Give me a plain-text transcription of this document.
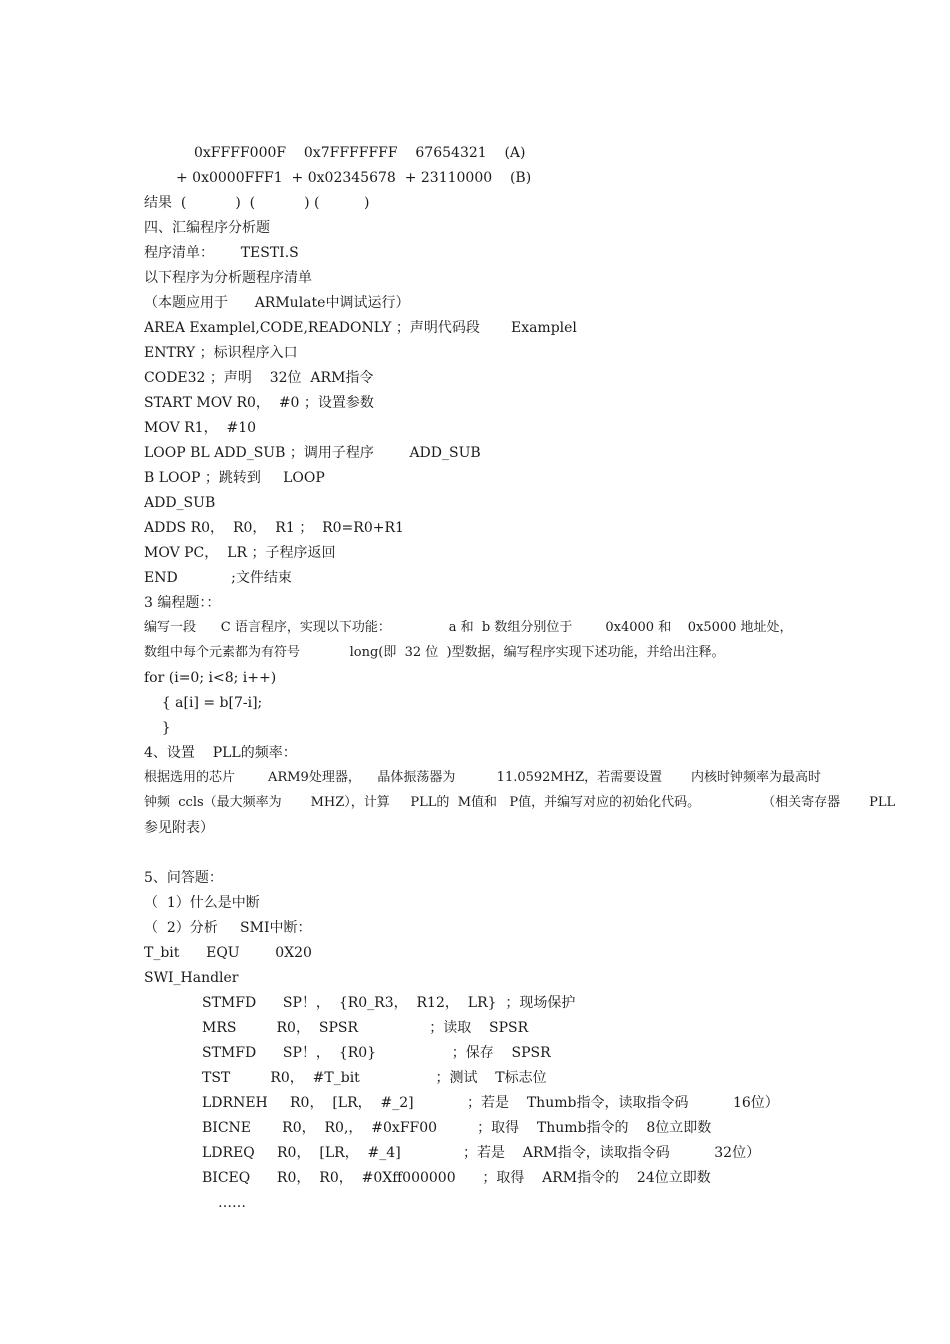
0xFFFF000F    0x7FFFFFFF    67654321    (A)
+ 0x0000FFF1  + 0x02345678  + 23110000    (B)
结果  (           )  (           ) (          )
四、汇编程序分析题
程序清单：      TESTI.S
以下程序为分析题程序清单
（本题应用于      ARMulate中调试运行）
AREA Examplel,CODE,READONLY ；声明代码段       Examplel
ENTRY ；标识程序入口
CODE32 ；声明    32位  ARM指令
START MOV R0，  #0 ；设置参数
MOV R1，  #10
LOOP BL ADD_SUB ；调用子程序        ADD_SUB
B LOOP ；跳转到     LOOP
ADD_SUB
ADDS R0，  R0，  R1 ；  R0=R0+R1
MOV PC，  LR ；子程序返回
END            ;文件结束
3 编程题：：
编写一段      C 语言程序，实现以下功能：              a 和  b 数组分别位于        0x4000 和    0x5000 地址处，
数组中每个元素都为有符号            long(即  32 位  )型数据，编写程序实现下述功能，并给出注释。
for (i=0; i<8; i++)
{ a[i] = b[7-i];
}
4、设置    PLL的频率：
根据选用的芯片        ARM9处理器，    晶体振荡器为          11.0592MHZ，若需要设置       内核时钟频率为最高时
钟频  ccls（最大频率为       MHZ），计算     PLL的  M值和   P值，并编写对应的初始化代码。               （相关寄存器       PLL
参见附表）
5、问答题：
（  1）什么是中断
（  2）分析     SMI中断：
T_bit      EQU        0X20
SWI_Handler
STMFD      SP！，  {R0_R3，  R12，  LR}  ；现场保护
MRS         R0，  SPSR                ；读取    SPSR
STMFD      SP！，  {R0}                 ；保存    SPSR
TST         R0，  #T_bit                 ；测试    T标志位
LDRNEH     R0，  [LR，  #_2]            ；若是    Thumb指令，读取指令码          16位）
BICNE       R0，  R0,，  #0xFF00         ；取得    Thumb指令的    8位立即数
LDREQ     R0，  [LR，  #_4]              ；若是    ARM指令，读取指令码          32位）
BICEQ      R0，  R0，  #0Xff000000      ；取得    ARM指令的    24位立即数
……
